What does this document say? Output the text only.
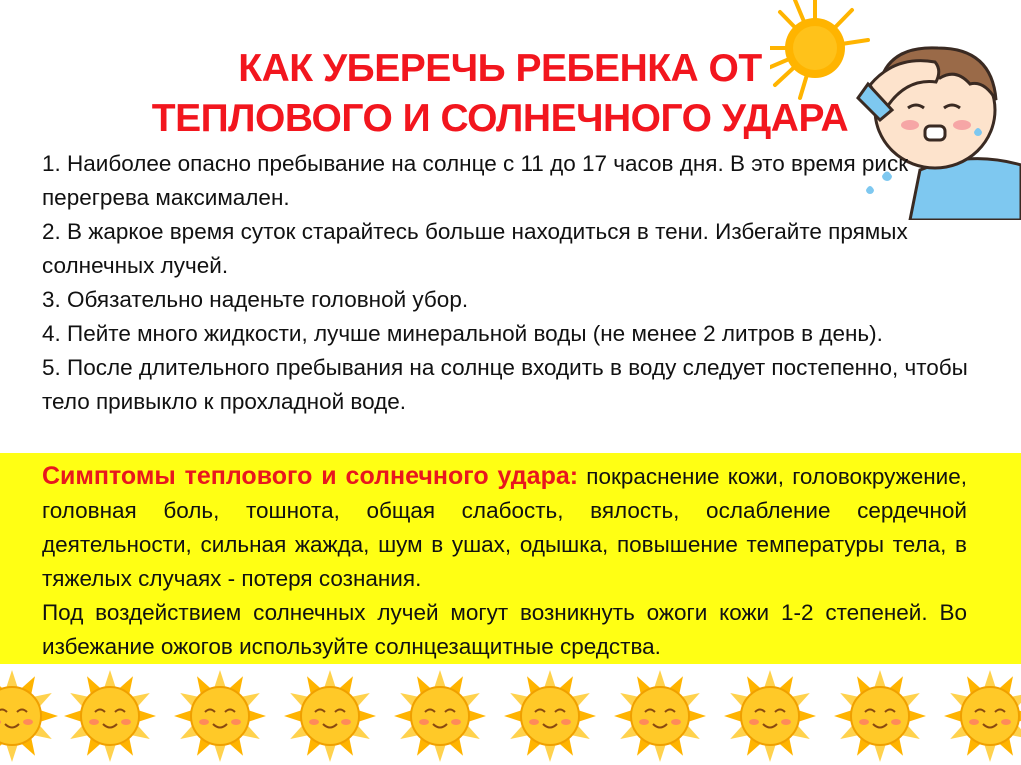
КАК УБЕРЕЧЬ РЕБЕНКА ОТ
ТЕПЛОВОГО И СОЛНЕЧНОГО УДАРА

1. Наиболее опасно пребывание на солнце с 11 до 17 часов дня. В это время риск перегрева максимален.

2. В жаркое время суток старайтесь больше находиться в тени. Избегайте прямых солнечных лучей.

3. Обязательно наденьте головной убор.

4. Пейте много жидкости, лучше минеральной воды (не менее 2 литров в день).

5. После длительного пребывания на солнце входить в воду следует постепенно, чтобы тело привыкло к прохладной воде.

Симптомы теплового и солнечного удара: покраснение кожи, головокружение, головная боль, тошнота, общая слабость, вялость, ослабление сердечной деятельности, сильная жажда, шум в ушах, одышка, повышение температуры тела, в тяжелых случаях - потеря сознания.

Под воздействием солнечных лучей могут возникнуть ожоги кожи 1-2 степеней. Во избежание ожогов используйте солнцезащитные средства.
